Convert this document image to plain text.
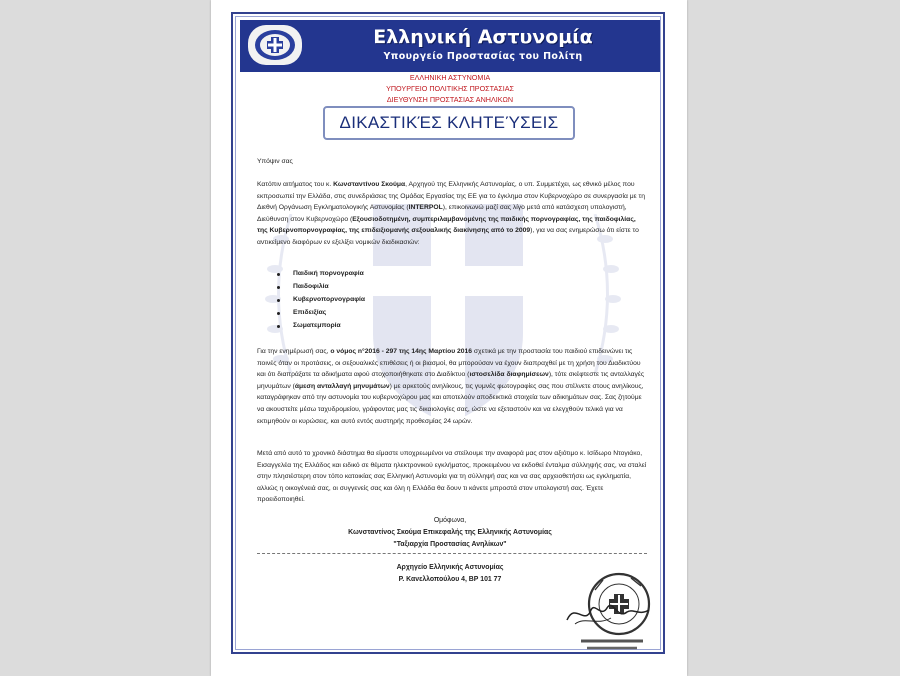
Ελληνική Αστυνομία
Υπουργείο Προστασίας του Πολίτη
ΕΛΛΗΝΙΚΗ ΑΣΤΥΝΟΜΙΑ
ΥΠΟΥΡΓΕΙΟ ΠΟΛΙΤΙΚΗΣ ΠΡΟΣΤΑΣΙΑΣ
ΔΙΕΥΘΥΝΣΗ ΠΡΟΣΤΑΣΙΑΣ ΑΝΗΛΙΚΩΝ
ΔΙΚΑΣΤΙΚΈΣ ΚΛΗΤΕΎΣΕΙΣ
Υπόψιν σας

Κατόπιν αιτήματος του κ. Κωνσταντίνου Σκούμα, Αρχηγού της Ελληνικής Αστυνομίας, ο υπ. Συμμετέχει, ως εθνικό μέλος που εκπροσωπεί την Ελλάδα, στις συνεδριάσεις της Ομάδας Εργασίας της ΕΕ για το έγκλημα στον Κυβερνοχώρο σε συνεργασία με τη Διεθνή Οργάνωση Εγκληματολογικής Αστυνομίας (INTERPOL), επικοινωνώ μαζί σας λίγο μετά από κατάσχεση υπολογιστή, Διεύθυνση στον Κυβερνοχώρο (Εξουσιοδοτημένη, συμπεριλαμβανομένης της παιδικής πορνογραφίας, της παιδοφιλίας, της Κυβερνοπορνογραφίας, της επιδειξιομανής σεξουαλικής διακίνησης από το 2009), για να σας ενημερώσω ότι είστε το αντικείμενο διαφόρων εν εξελίξει νομικών διαδικασιών:

Παιδική πορνογραφία
Παιδοφιλία
Κυβερνοπορνογραφία
Επιδειξίας
Σωματεμπορία

Για την ενημέρωσή σας, ο νόμος n°2016 - 297 της 14ης Μαρτίου 2016 σχετικά με την προστασία του παιδιού επιδεινώνει τις ποινές όταν οι προτάσεις, οι σεξουαλικές επιθέσεις ή οι βιασμοί, θα μπορούσαν να έχουν διαπραχθεί με τη χρήση του Διαδικτύου και ότι διαπράξατε τα αδικήματα αφού στοχοποιήθηκατε στο Διαδίκτυο (ιστοσελίδα διαφημίσεων), τότε σκέφτεστε τις ανταλλαγές μηνυμάτων (άμεση ανταλλαγή μηνυμάτων) με αρκετούς ανηλίκους, τις γυμνές φωτογραφίες σας που στέλνετε στους ανηλίκους, καταγράφηκαν από την αστυνομία του κυβερνοχώρου μας και αποτελούν αποδεικτικά στοιχεία των αδικημάτων σας. Σας ζητούμε να ακουστείτε μέσω ταχυδρομείου, γράφοντας μας τις δικαιολογίες σας, ώστε να εξεταστούν και να ελεγχθούν τελικά για να εκτιμηθούν οι κυρώσεις, και αυτό εντός αυστηρής προθεσμίας 24 ωρών.

Μετά από αυτό το χρονικό διάστημα θα είμαστε υποχρεωμένοι να στείλουμε την αναφορά μας στον αξιότιμο κ. Ισίδωρο Ντογιάκο, Εισαγγελέα της Ελλάδος και ειδικό σε θέματα ηλεκτρονικού εγκλήματος, προκειμένου να εκδοθεί ένταλμα σύλληψής σας, να σταλεί στην πλησιέστερη στον τόπο κατοικίας σας Ελληνική Αστυνομία για τη σύλληψή σας και να σας αρχειοθετήσει ως εγκληματία, αλλιώς η οικογένειά σας, οι συγγενείς σας και όλη η Ελλάδα θα δουν τι κάνετε μπροστά στον υπολογιστή σας. Έχετε προειδοποιηθεί.
Ομόφωνα,
Κωνσταντίνος Σκούμα Επικεφαλής της Ελληνικής Αστυνομίας
"Ταξιαρχία Προστασίας Ανηλίκων"
Αρχηγείο Ελληνικής Αστυνομίας
Ρ. Κανελλοπούλου 4, ΒΡ 101 77
